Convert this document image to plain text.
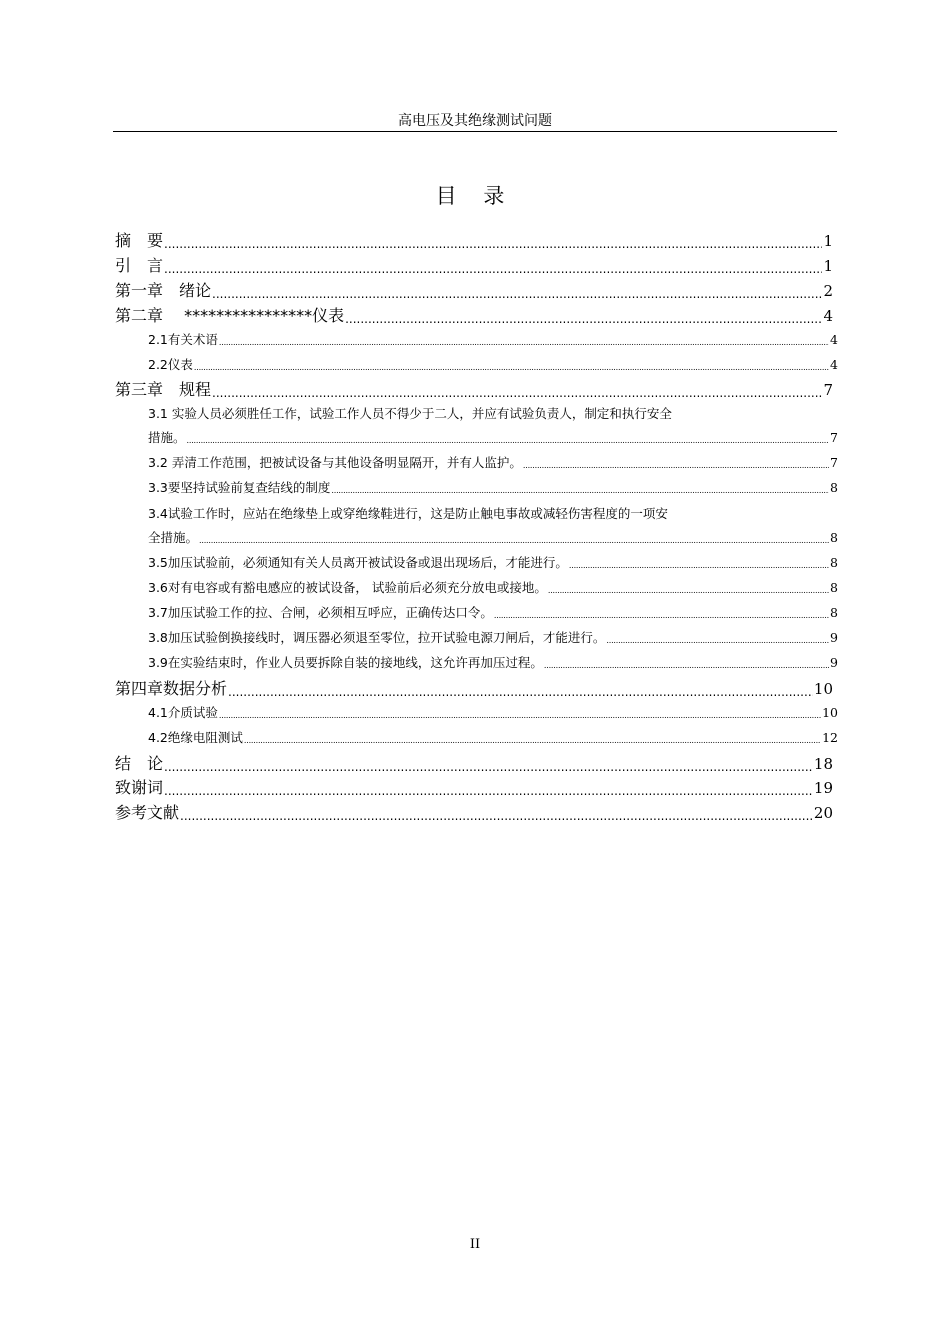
高电压及其绝缘测试问题
目 录
摘　要 .....	1
引　言 .....	1
第一章　绪论 .....	2
第二章　 ****************仪表 .....	4
2.1有关术语 .....	4
2.2仪表 .....	4
第三章　规程 .....	7
3.1 实验人员必须胜任工作，试验工作人员不得少于二人，并应有试验负责人，制定和执行安全
措施。 .....	7
3.2 弄清工作范围，把被试设备与其他设备明显隔开，并有人监护。 .....	7
3.3要坚持试验前复查结线的制度 .....	8
3.4试验工作时，应站在绝缘垫上或穿绝缘鞋进行，这是防止触电事故或减轻伤害程度的一项安
全措施。 .....	8
3.5加压试验前，必须通知有关人员离开被试设备或退出现场后，才能进行。 .....	8
3.6对有电容或有豁电感应的被试设备， 试验前后必须充分放电或接地。 .....	8
3.7加压试验工作的拉、合闸，必须相互呼应，正确传达口令。 .....	8
3.8加压试验倒换接线时，调压器必须退至零位，拉开试验电源刀闸后，才能进行。 .....	9
3.9在实验结束时，作业人员要拆除自装的接地线，这允许再加压过程。 .....	9
第四章数据分析 .....	10
4.1介质试验 .....	10
4.2绝缘电阻测试 .....	12
结　论 .....	18
致谢词 .....	19
参考文献 .....	20
II
